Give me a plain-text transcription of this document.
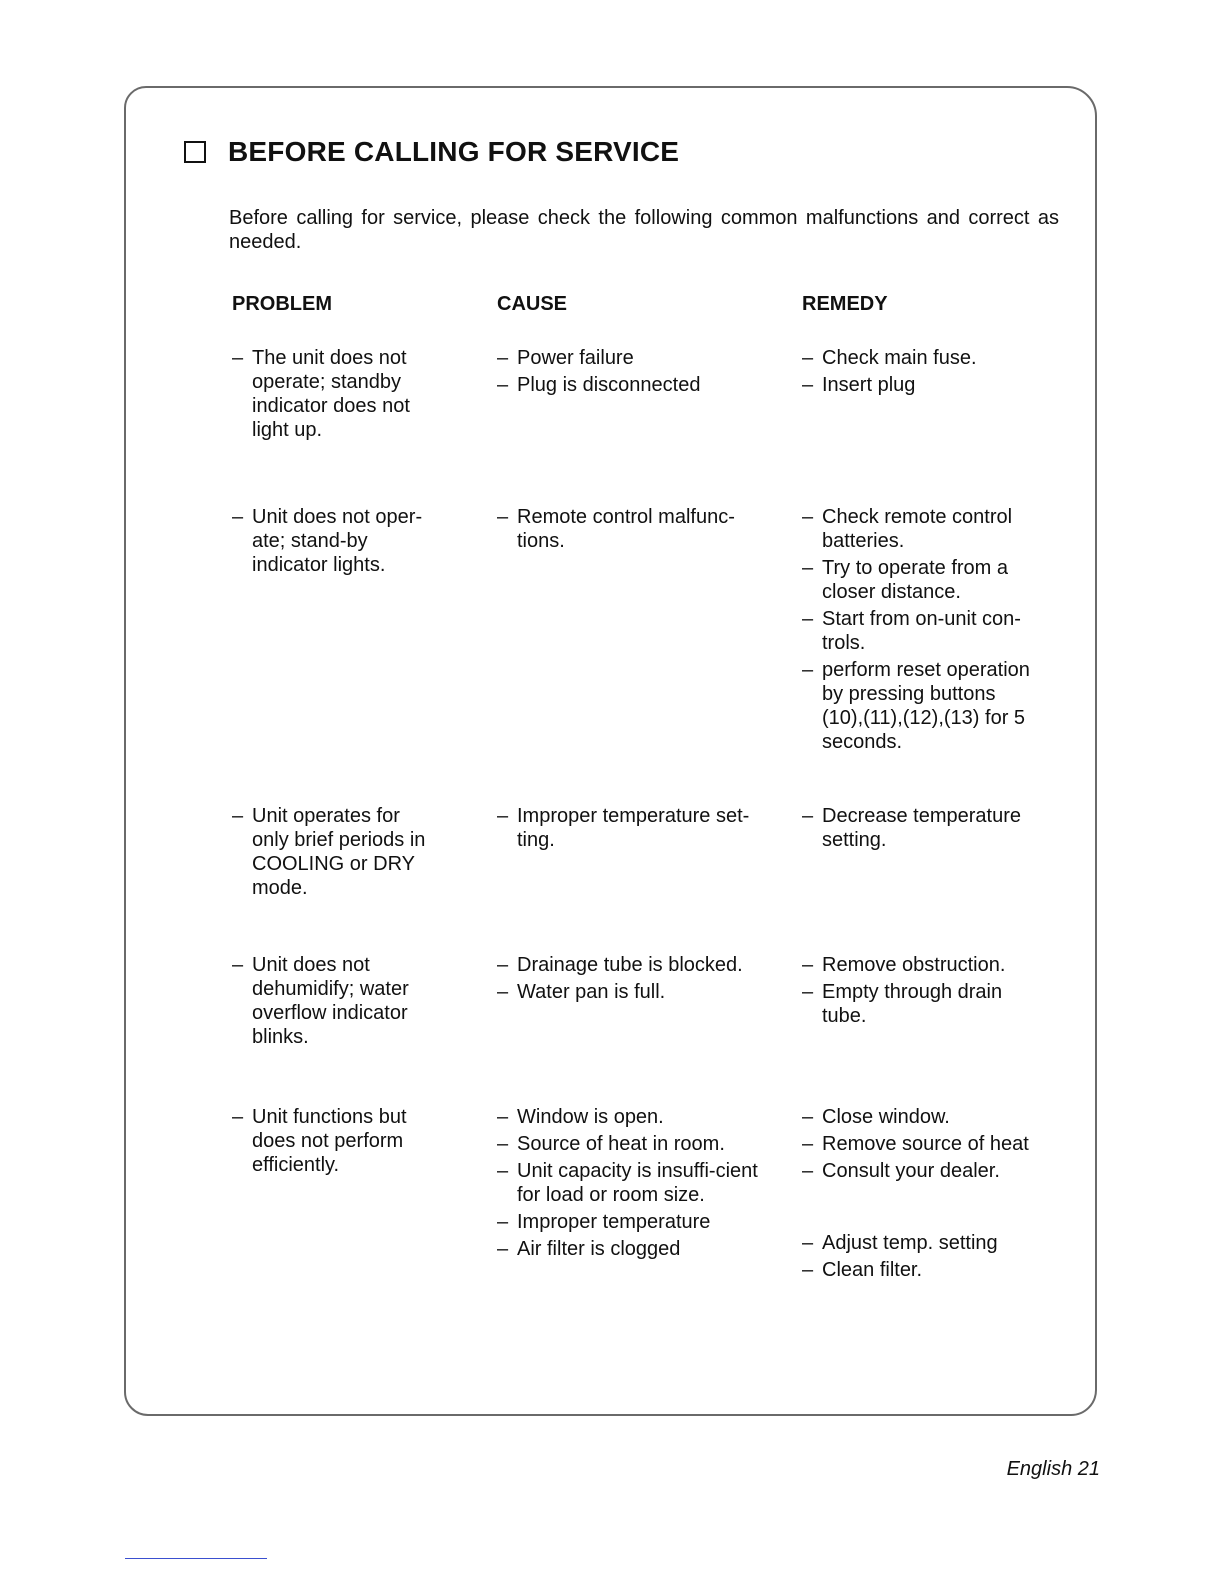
BEFORE CALLING FOR SERVICE
Before calling for service, please check the following common malfunctions and correct as needed.
PROBLEM	CAUSE	REMEDY
– The unit does not operate; standby indicator does not light up.
– Power failure
– Plug is disconnected
– Check main fuse.
– Insert plug
– Unit does not oper-ate; stand-by indicator lights.
– Remote control malfunc-tions.
– Check remote control batteries.
– Try to operate from a closer distance.
– Start from on-unit con-trols.
– perform reset operation by pressing buttons (10),(11),(12),(13) for 5 seconds.
– Unit operates for only brief periods in COOLING or DRY mode.
– Improper temperature set-ting.
– Decrease temperature setting.
– Unit does not dehumidify; water overflow indicator blinks.
– Drainage tube is blocked.
– Water pan is full.
– Remove obstruction.
– Empty through drain tube.
– Unit functions but does not perform efficiently.
– Window is open.
– Source of heat in room.
– Unit capacity is insuffi-cient for load or room size.
– Improper temperature
– Air filter is clogged
– Close window.
– Remove source of heat
– Consult your dealer.
– Adjust temp. setting
– Clean filter.
English 21
